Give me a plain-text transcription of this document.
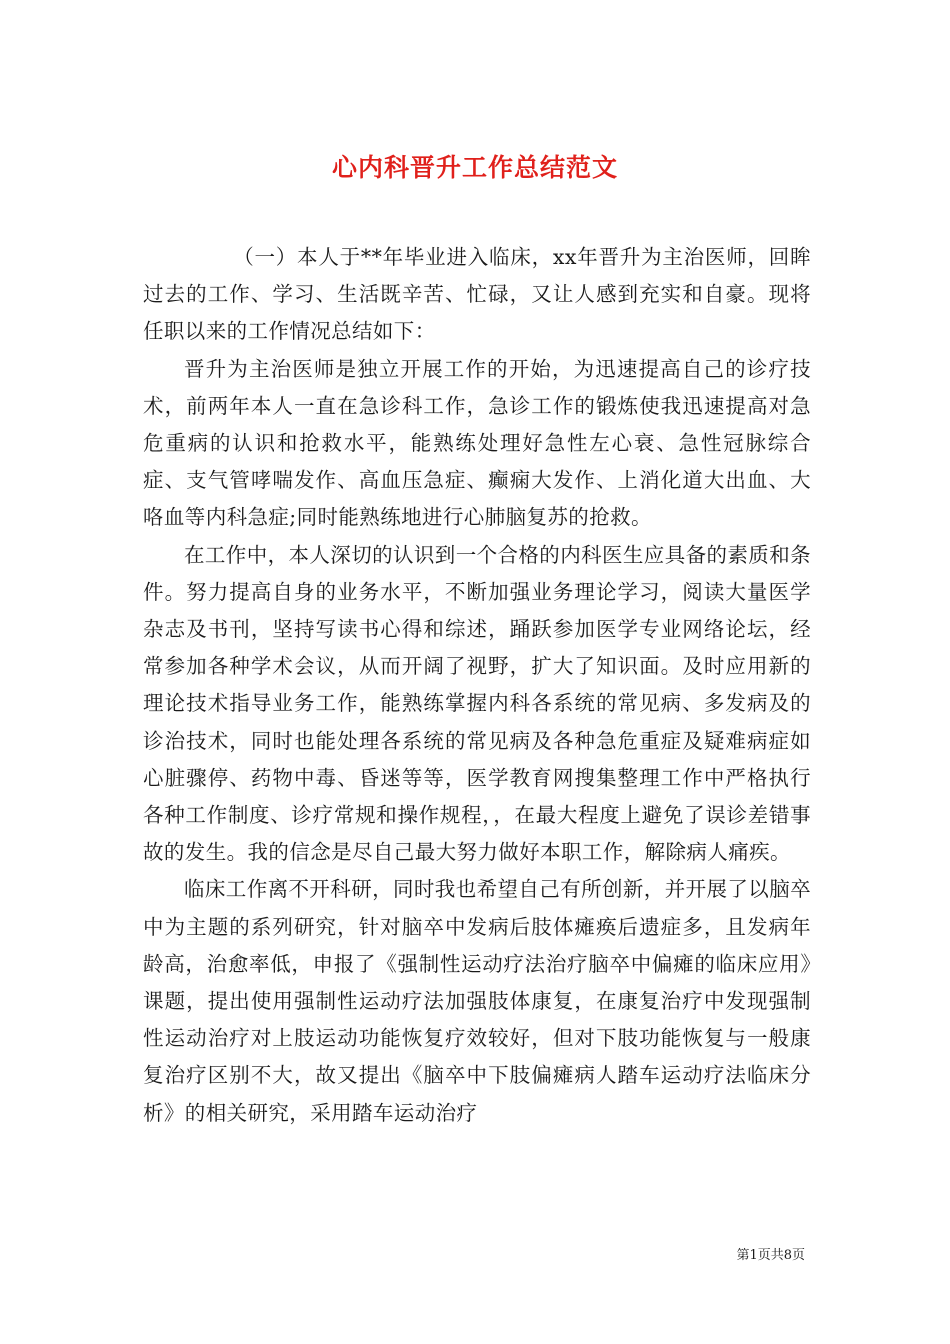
心内科晋升工作总结范文

（一）本人于**年毕业进入临床，xx年晋升为主治医师，回眸过去的工作、学习、生活既辛苦、忙碌，又让人感到充实和自豪。现将任职以来的工作情况总结如下：

晋升为主治医师是独立开展工作的开始，为迅速提高自己的诊疗技术，前两年本人一直在急诊科工作，急诊工作的锻炼使我迅速提高对急危重病的认识和抢救水平，能熟练处理好急性左心衰、急性冠脉综合症、支气管哮喘发作、高血压急症、癫痫大发作、上消化道大出血、大咯血等内科急症;同时能熟练地进行心肺脑复苏的抢救。

在工作中，本人深切的认识到一个合格的内科医生应具备的素质和条件。努力提高自身的业务水平，不断加强业务理论学习，阅读大量医学杂志及书刊，坚持写读书心得和综述，踊跃参加医学专业网络论坛，经常参加各种学术会议，从而开阔了视野，扩大了知识面。及时应用新的理论技术指导业务工作，能熟练掌握内科各系统的常见病、多发病及的诊治技术，同时也能处理各系统的常见病及各种急危重症及疑难病症如心脏骤停、药物中毒、昏迷等等，医学教育网搜集整理工作中严格执行各种工作制度、诊疗常规和操作规程，，在最大程度上避免了误诊差错事故的发生。我的信念是尽自己最大努力做好本职工作，解除病人痛疾。

临床工作离不开科研，同时我也希望自己有所创新，并开展了以脑卒中为主题的系列研究，针对脑卒中发病后肢体瘫痪后遗症多，且发病年龄高，治愈率低，申报了《强制性运动疗法治疗脑卒中偏瘫的临床应用》课题，提出使用强制性运动疗法加强肢体康复，在康复治疗中发现强制性运动治疗对上肢运动功能恢复疗效较好，但对下肢功能恢复与一般康复治疗区别不大，故又提出《脑卒中下肢偏瘫病人踏车运动疗法临床分析》的相关研究，采用踏车运动治疗

第1页共8页
